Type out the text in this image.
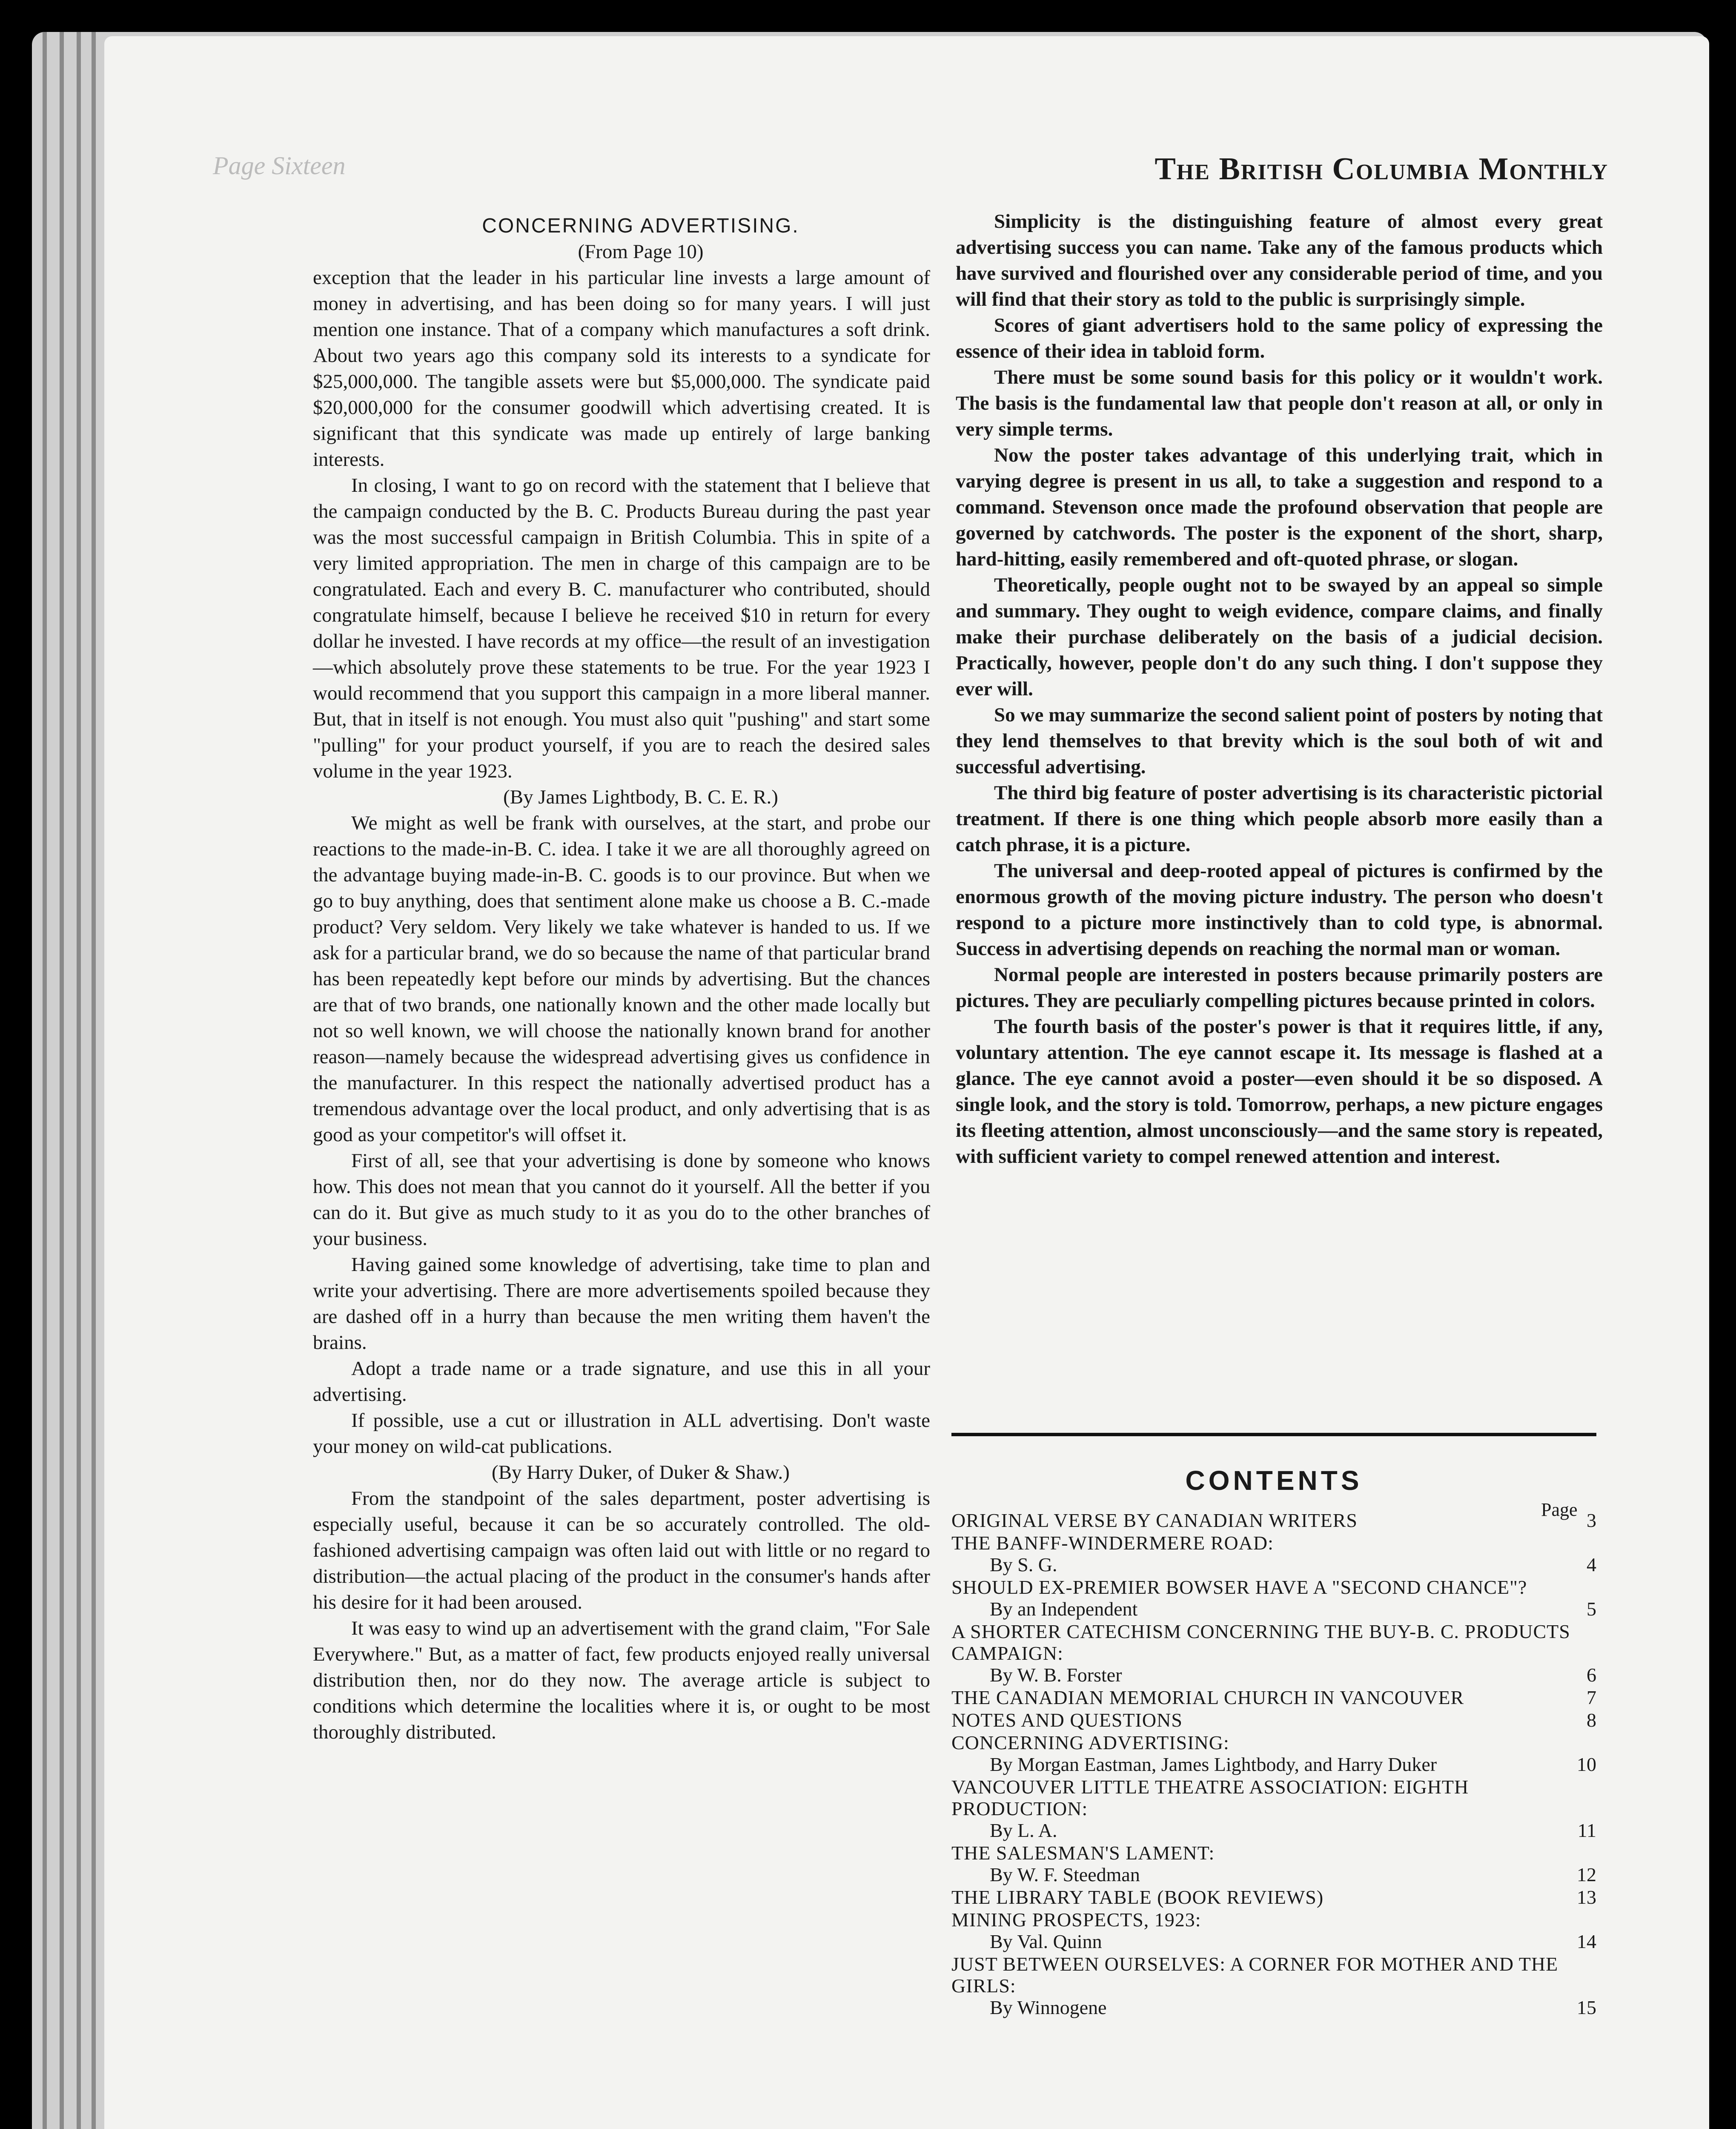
Page Sixteen	The British Columbia Monthly

CONCERNING ADVERTISING.

(From Page 10)

exception that the leader in his particular line invests a large amount of money in advertising, and has been doing so for many years. I will just mention one instance. That of a company which manufactures a soft drink. About two years ago this company sold its interests to a syndicate for $25,000,000. The tangible assets were but $5,000,000. The syndicate paid $20,000,000 for the consumer goodwill which advertising created. It is significant that this syndicate was made up entirely of large banking interests.

In closing, I want to go on record with the statement that I believe that the campaign conducted by the B. C. Products Bureau during the past year was the most successful campaign in British Columbia. This in spite of a very limited appropriation. The men in charge of this campaign are to be congratulated. Each and every B. C. manufacturer who contributed, should congratulate himself, because I believe he received $10 in return for every dollar he invested. I have records at my office—the result of an investigation—which absolutely prove these statements to be true. For the year 1923 I would recommend that you support this campaign in a more liberal manner. But, that in itself is not enough. You must also quit "pushing" and start some "pulling" for your product yourself, if you are to reach the desired sales volume in the year 1923.

(By James Lightbody, B. C. E. R.)

We might as well be frank with ourselves, at the start, and probe our reactions to the made-in-B. C. idea. I take it we are all thoroughly agreed on the advantage buying made-in-B. C. goods is to our province. But when we go to buy anything, does that sentiment alone make us choose a B. C.-made product? Very seldom. Very likely we take whatever is handed to us. If we ask for a particular brand, we do so because the name of that particular brand has been repeatedly kept before our minds by advertising. But the chances are that of two brands, one nationally known and the other made locally but not so well known, we will choose the nationally known brand for another reason—namely because the widespread advertising gives us confidence in the manufacturer. In this respect the nationally advertised product has a tremendous advantage over the local product, and only advertising that is as good as your competitor's will offset it.

First of all, see that your advertising is done by someone who knows how. This does not mean that you cannot do it yourself. All the better if you can do it. But give as much study to it as you do to the other branches of your business.

Having gained some knowledge of advertising, take time to plan and write your advertising. There are more advertisements spoiled because they are dashed off in a hurry than because the men writing them haven't the brains.

Adopt a trade name or a trade signature, and use this in all your advertising.

If possible, use a cut or illustration in ALL advertising. Don't waste your money on wild-cat publications.

(By Harry Duker, of Duker & Shaw.)

From the standpoint of the sales department, poster advertising is especially useful, because it can be so accurately controlled. The old-fashioned advertising campaign was often laid out with little or no regard to distribution—the actual placing of the product in the consumer's hands after his desire for it had been aroused.

It was easy to wind up an advertisement with the grand claim, "For Sale Everywhere." But, as a matter of fact, few products enjoyed really universal distribution then, nor do they now. The average article is subject to conditions which determine the localities where it is, or ought to be most thoroughly distributed.

Simplicity is the distinguishing feature of almost every great advertising success you can name. Take any of the famous products which have survived and flourished over any considerable period of time, and you will find that their story as told to the public is surprisingly simple.

Scores of giant advertisers hold to the same policy of expressing the essence of their idea in tabloid form.

There must be some sound basis for this policy or it wouldn't work. The basis is the fundamental law that people don't reason at all, or only in very simple terms.

Now the poster takes advantage of this underlying trait, which in varying degree is present in us all, to take a suggestion and respond to a command. Stevenson once made the profound observation that people are governed by catchwords. The poster is the exponent of the short, sharp, hard-hitting, easily remembered and oft-quoted phrase, or slogan.

Theoretically, people ought not to be swayed by an appeal so simple and summary. They ought to weigh evidence, compare claims, and finally make their purchase deliberately on the basis of a judicial decision. Practically, however, people don't do any such thing. I don't suppose they ever will.

So we may summarize the second salient point of posters by noting that they lend themselves to that brevity which is the soul both of wit and successful advertising.

The third big feature of poster advertising is its characteristic pictorial treatment. If there is one thing which people absorb more easily than a catch phrase, it is a picture.

The universal and deep-rooted appeal of pictures is confirmed by the enormous growth of the moving picture industry. The person who doesn't respond to a picture more instinctively than to cold type, is abnormal. Success in advertising depends on reaching the normal man or woman.

Normal people are interested in posters because primarily posters are pictures. They are peculiarly compelling pictures because printed in colors.

The fourth basis of the poster's power is that it requires little, if any, voluntary attention. The eye cannot escape it. Its message is flashed at a glance. The eye cannot avoid a poster—even should it be so disposed. A single look, and the story is told. Tomorrow, perhaps, a new picture engages its fleeting attention, almost unconsciously—and the same story is repeated, with sufficient variety to compel renewed attention and interest.

CONTENTS
Page
ORIGINAL VERSE BY CANADIAN WRITERS	3
THE BANFF-WINDERMERE ROAD:
By S. G.	4
SHOULD EX-PREMIER BOWSER HAVE A "SECOND CHANCE"?
By an Independent	5
A SHORTER CATECHISM CONCERNING THE BUY-B. C. PRODUCTS CAMPAIGN:
By W. B. Forster	6
THE CANADIAN MEMORIAL CHURCH IN VANCOUVER	7
NOTES AND QUESTIONS	8
CONCERNING ADVERTISING:
By Morgan Eastman, James Lightbody, and Harry Duker	10
VANCOUVER LITTLE THEATRE ASSOCIATION: EIGHTH PRODUCTION:
By L. A.	11
THE SALESMAN'S LAMENT:
By W. F. Steedman	12
THE LIBRARY TABLE (BOOK REVIEWS)	13
MINING PROSPECTS, 1923:
By Val. Quinn	14
JUST BETWEEN OURSELVES: A CORNER FOR MOTHER AND THE GIRLS:
By Winnogene	15
